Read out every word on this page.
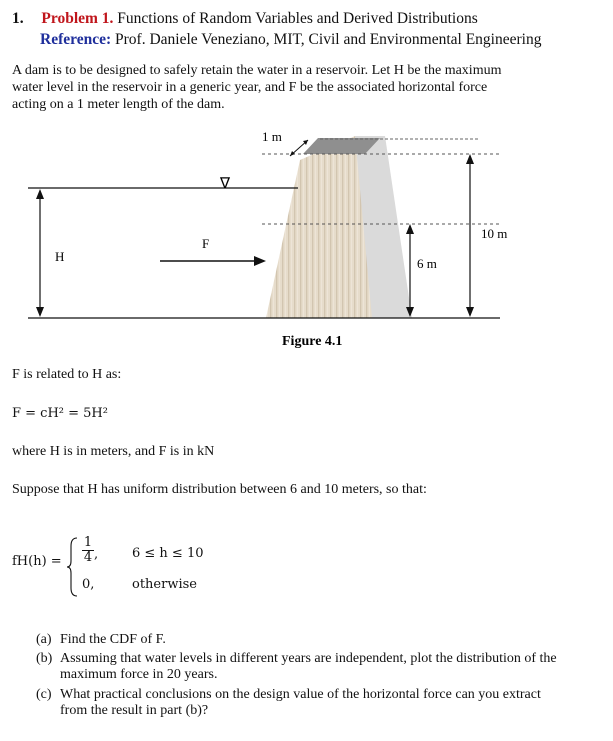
1. Problem 1. Functions of Random Variables and Derived Distributions
Reference: Prof. Daniele Veneziano, MIT, Civil and Environmental Engineering
A dam is to be designed to safely retain the water in a reservoir. Let H be the maximum
water level in the reservoir in a generic year, and F be the associated horizontal force
acting on a 1 meter length of the dam.
1 m
∇
H
F
6 m
10 m
Figure 4.1
F is related to H as:
F = cH² = 5H²
where H is in meters, and F is in kN
Suppose that H has uniform distribution between 6 and 10 meters, so that:
$fH(h) = \frac{1}{4}$ ,	6 ≤ h ≤ 10
0,	otherwise
(a) Find the CDF of F.
(b) Assuming that water levels in different years are independent, plot the distribution of the maximum force in 20 years.
(c) What practical conclusions on the design value of the horizontal force can you extract from the result in part (b)?
